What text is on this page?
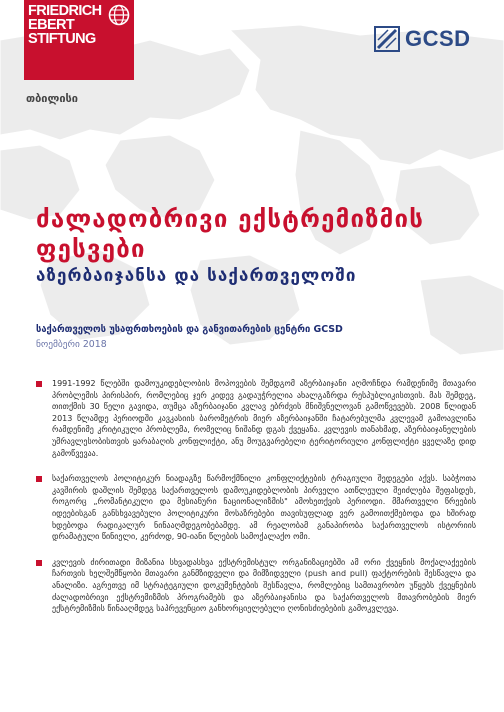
FRIEDRICH
EBERT
STIFTUNG
თბილისი
GCSD
ძალადობრივი ექსტრემიზმის ფესვები
აზერბაიჯანსა და საქართველოში
საქართველოს უსაფრთხოების და განვითარების ცენტრი GCSD
ნოემბერი 2018
1991-1992 წლებში დამოუკიდებლობის მოპოვების შემდგომ აზერბაიჯანი აღმოჩნდა რამდენიმე მთავარი პრობლემის პირისპირ, რომლებიც ჯერ კიდევ გადაუჭრელია ახალგაზრდა რესპუბლიკისთვის. მას შემდეგ, თითქმის 30 წელი გავიდა, თუმცა აზერბაიჯანი კვლავ ებრძვის მნიშვნელოვან გამოწვევებს. 2008 წლიდან 2013 წლამდე პერიოდში კავკასიის ბარომეტრის მიერ აზერბაიჯანში ჩატარებულმა კვლევამ გამოავლინა რამდენიმე კრიტიკული პრობლემა, რომელიც ნიშანდ დგას ქვეყანა. კვლევის თანახმად, აზერბაიჯანელების უმრავლესობისთვის ყარაბაღის კონფლიქტი, ანუ მოუგვარებელი ტერიტორიული კონფლიქტი ყველაზე დიდ გამოწვევაა.
საქართველოს პოლიტიკურ ნიადაგზე წარმოქმნილი კონფლიქტების ტრაგიული შედეგები აქვს. საბჭოთა კავშირის დაშლის შემდეგ საქართველოს დამოუკიდებლობის პირველი ათწლეული შეიძლება შეფასდეს, როგორც „რომანტიკული და მესიანური ნაციონალიზმის" ამოხეთქვის პერიოდი. მმართველი წრეების იდეებისგან განსხვავებული პოლიტიკური მოსაზრებები თავისუფლად ვერ გამოითქმებოდა და ხშირად ხდებოდა რადიკალურ ნინააღმდეგობებამდე. ამ რეალობამ განაპირობა საქართველოს ისტორიის დრამატული წინიელი, კერძოდ, 90-იანი წლების სამოქალაქო ომი.
კვლევის ძირითადი მიზანია სხვადასხვა ექსტრემისტულ ორგანიზაციებში ამ ორი ქვეყნის მოქალაქეების ჩართვის ხელშემწყობი მთავარი განმზიდველი და მიმზიდველი (push and pull) ფაქტორების შესწავლა და ანალიზი. აგრეთვე იმ სტრატეგიული დოკუმენტების შესწავლა, რომლებიც სამთავრობო უწყებს ქვეყნების ძალადობრივი ექსტრემიზმის პროგრამებს და აზერბაიჯანისა და საქართველოს მთავრობების მიერ ექსტრემიზმის წინააღმდეგ საპრევენციო განხორციელებული ღონისძიებების გამოკვლევა.
